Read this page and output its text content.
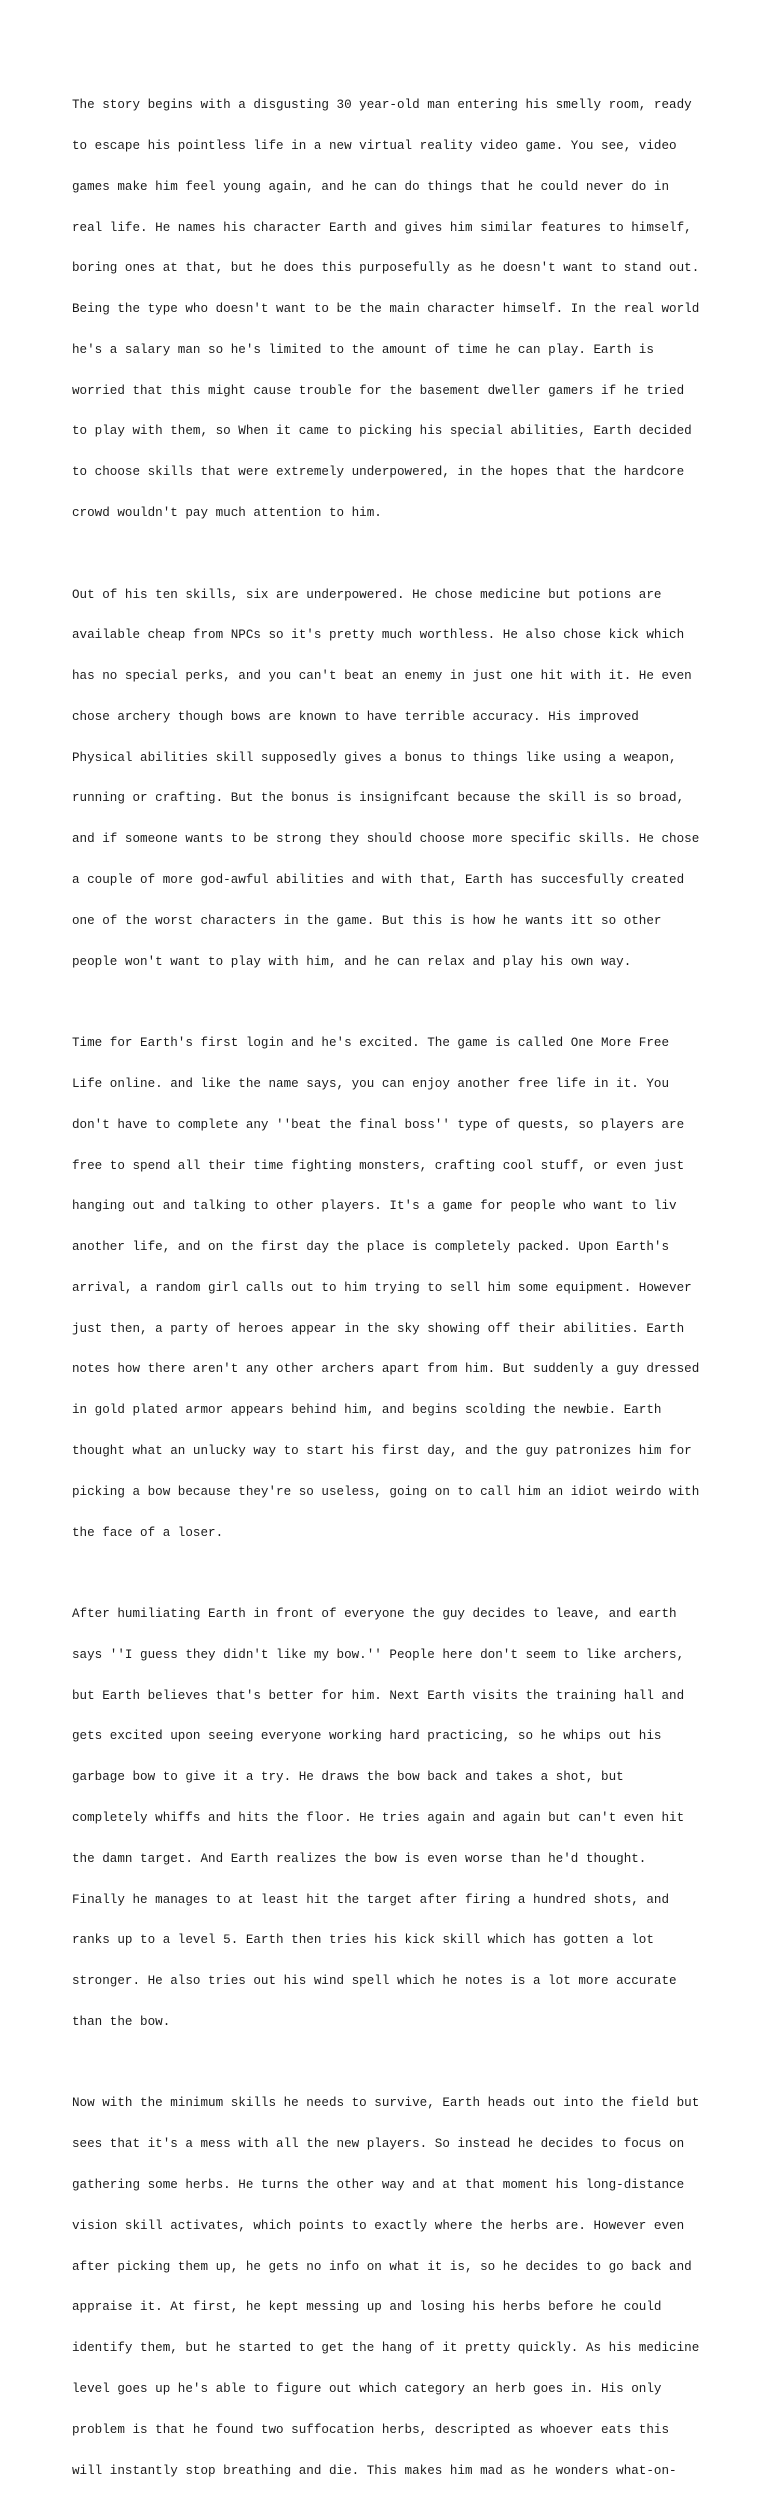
The story begins with a disgusting 30 year-old man entering his smelly room, ready

to escape his pointless life in a new virtual reality video game. You see, video

games make him feel young again, and he can do things that he could never do in

real life. He names his character Earth and gives him similar features to himself,

boring ones at that, but he does this purposefully as he doesn't want to stand out.

Being the type who doesn't want to be the main character himself. In the real world

he's a salary man so he's limited to the amount of time he can play. Earth is

worried that this might cause trouble for the basement dweller gamers if he tried

to play with them, so When it came to picking his special abilities, Earth decided

to choose skills that were extremely underpowered, in the hopes that the hardcore

crowd wouldn't pay much attention to him.

Out of his ten skills, six are underpowered. He chose medicine but potions are

available cheap from NPCs so it's pretty much worthless. He also chose kick which

has no special perks, and you can't beat an enemy in just one hit with it. He even

chose archery though bows are known to have terrible accuracy. His improved

Physical abilities skill supposedly gives a bonus to things like using a weapon,

running or crafting. But the bonus is insignifcant because the skill is so broad,

and if someone wants to be strong they should choose more specific skills. He chose

a couple of more god-awful abilities and with that, Earth has succesfully created

one of the worst characters in the game. But this is how he wants itt so other

people won't want to play with him, and he can relax and play his own way.

Time for Earth's first login and he's excited. The game is called One More Free

Life online. and like the name says, you can enjoy another free life in it. You

don't have to complete any ''beat the final boss'' type of quests, so players are

free to spend all their time fighting monsters, crafting cool stuff, or even just

hanging out and talking to other players. It's a game for people who want to liv

another life, and on the first day the place is completely packed. Upon Earth's

arrival, a random girl calls out to him trying to sell him some equipment. However

just then, a party of heroes appear in the sky showing off their abilities. Earth

notes how there aren't any other archers apart from him. But suddenly a guy dressed

in gold plated armor appears behind him, and begins scolding the newbie. Earth

thought what an unlucky way to start his first day, and the guy patronizes him for

picking a bow because they're so useless, going on to call him an idiot weirdo with

the face of a loser.

After humiliating Earth in front of everyone the guy decides to leave, and earth

says ''I guess they didn't like my bow.'' People here don't seem to like archers,

but Earth believes that's better for him. Next Earth visits the training hall and

gets excited upon seeing everyone working hard practicing, so he whips out his

garbage bow to give it a try. He draws the bow back and takes a shot, but

completely whiffs and hits the floor. He tries again and again but can't even hit

the damn target. And Earth realizes the bow is even worse than he'd thought.

Finally he manages to at least hit the target after firing a hundred shots, and

ranks up to a level 5. Earth then tries his kick skill which has gotten a lot

stronger. He also tries out his wind spell which he notes is a lot more accurate

than the bow.

Now with the minimum skills he needs to survive, Earth heads out into the field but

sees that it's a mess with all the new players. So instead he decides to focus on

gathering some herbs. He turns the other way and at that moment his long-distance

vision skill activates, which points to exactly where the herbs are. However even

after picking them up, he gets no info on what it is, so he decides to go back and

appraise it. At first, he kept messing up and losing his herbs before he could

identify them, but he started to get the hang of it pretty quickly. As his medicine

level goes up he's able to figure out which category an herb goes in. His only

problem is that he found two suffocation herbs, descripted as whoever eats this

will instantly stop breathing and die. This makes him mad as he wonders what-on-
